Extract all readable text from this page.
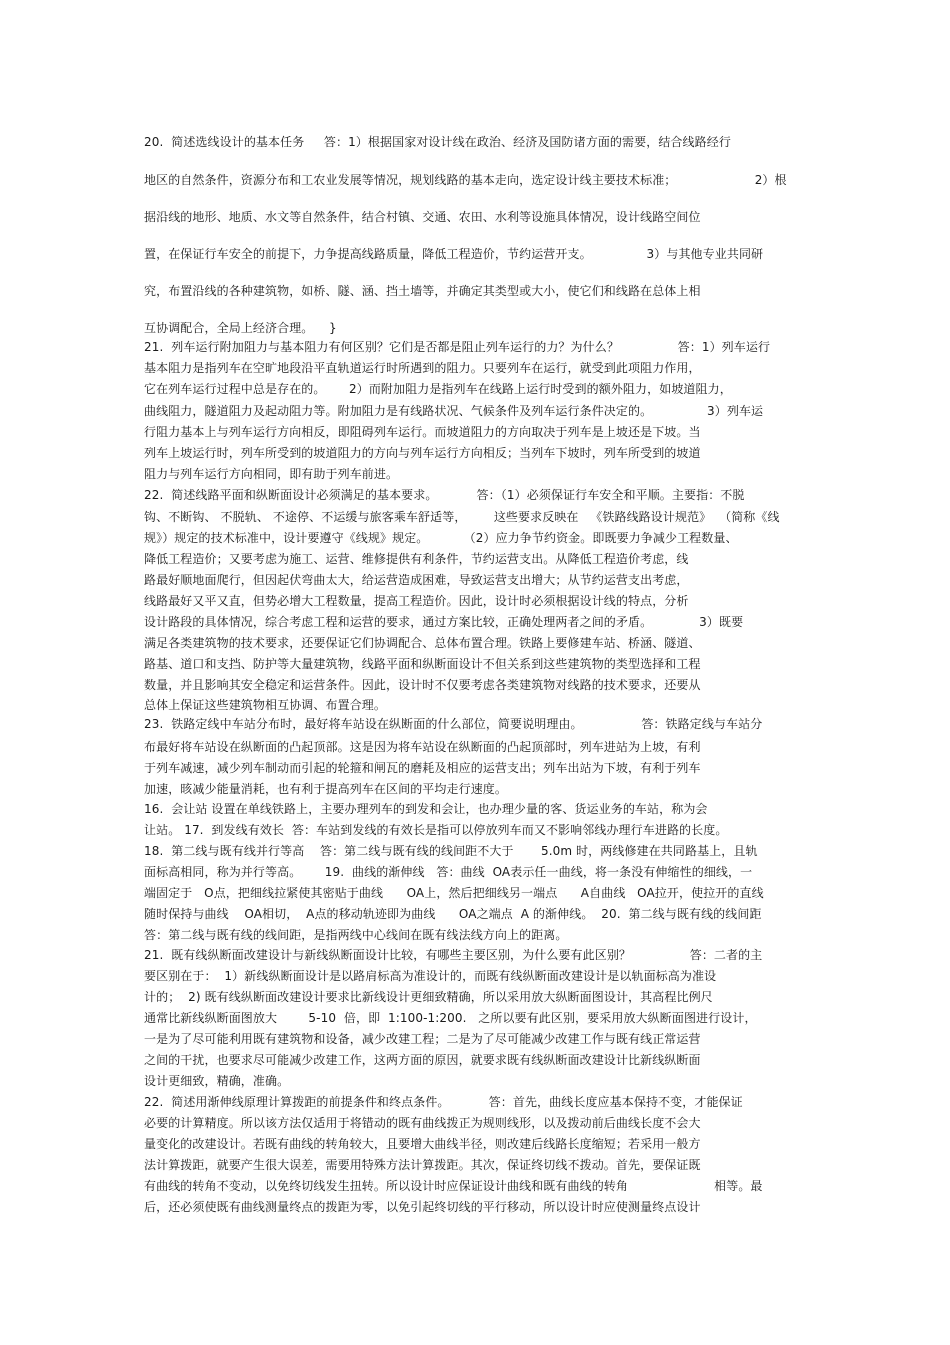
20.  简述选线设计的基本任务     答：1）根据国家对设计线在政治、经济及国防诸方面的需要，结合线路经行
地区的自然条件，资源分布和工农业发展等情况，规划线路的基本走向，选定设计线主要技术标准；                    2）根
据沿线的地形、地质、水文等自然条件，结合村镇、交通、农田、水利等设施具体情况，设计线路空间位
置，在保证行车安全的前提下，力争提高线路质量，降低工程造价，节约运营开支。              3）与其他专业共同研
究，布置沿线的各种建筑物，如桥、隧、涵、挡土墙等，并确定其类型或大小，使它们和线路在总体上相
互协调配合，全局上经济合理。    }
21.  列车运行附加阻力与基本阻力有何区别？它们是否都是阻止列车运行的力？为什么？               答：1）列车运行
基本阻力是指列车在空旷地段沿平直轨道运行时所遇到的阻力。只要列车在运行，就受到此项阻力作用，
它在列车运行过程中总是存在的。      2）而附加阻力是指列车在线路上运行时受到的额外阻力，如坡道阻力，
曲线阻力，隧道阻力及起动阻力等。附加阻力是有线路状况、气候条件及列车运行条件决定的。              3）列车运
行阻力基本上与列车运行方向相反，即阻碍列车运行。而坡道阻力的方向取决于列车是上坡还是下坡。当
列车上坡运行时，列车所受到的坡道阻力的方向与列车运行方向相反；当列车下坡时，列车所受到的坡道
阻力与列车运行方向相同，即有助于列车前进。
22.  简述线路平面和纵断面设计必须满足的基本要求。          答：（1）必须保证行车安全和平顺。主要指：不脱
钩、不断钩、 不脱轨、 不途停、不运缓与旅客乘车舒适等，       这些要求反映在   《铁路线路设计规范》  （简称《线
规》）规定的技术标准中，设计要遵守《线规》规定。         （2）应力争节约资金。即既要力争减少工程数量、
降低工程造价；又要考虑为施工、运营、维修提供有利条件，节约运营支出。从降低工程造价考虑，线
路最好顺地面爬行，但因起伏弯曲太大，给运营造成困难，导致运营支出增大；从节约运营支出考虑，
线路最好又平又直，但势必增大工程数量，提高工程造价。因此，设计时必须根据设计线的特点，分析
设计路段的具体情况，综合考虑工程和运营的要求，通过方案比较，正确处理两者之间的矛盾。            3）既要
满足各类建筑物的技术要求，还要保证它们协调配合、总体布置合理。铁路上要修建车站、桥涵、隧道、
路基、道口和支挡、防护等大量建筑物，线路平面和纵断面设计不但关系到这些建筑物的类型选择和工程
数量，并且影响其安全稳定和运营条件。因此，设计时不仅要考虑各类建筑物对线路的技术要求，还要从
总体上保证这些建筑物相互协调、布置合理。
23.  铁路定线中车站分布时，最好将车站设在纵断面的什么部位，简要说明理由。               答：铁路定线与车站分
布最好将车站设在纵断面的凸起顶部。这是因为将车站设在纵断面的凸起顶部时，列车进站为上坡，有利
于列车减速，减少列车制动而引起的轮箍和闸瓦的磨耗及相应的运营支出；列车出站为下坡，有利于列车
加速，晐减少能量消耗，也有利于提高列车在区间的平均走行速度。
16.  会让站 设置在单线铁路上，主要办理列车的到发和会让，也办理少量的客、货运业务的车站，称为会
让站。 17.  到发线有效长  答：车站到发线的有效长是指可以停放列车而又不影响邻线办理行车进路的长度。
18.  第二线与既有线并行等高    答：第二线与既有线的线间距不大于       5.0m 时，两线修建在共同路基上，且轨
面标高相同，称为并行等高。      19.  曲线的渐伸线   答：曲线  OA表示任一曲线，将一条没有伸缩性的细线，一
端固定于   O点，把细线拉紧使其密贴于曲线      OA上，然后把细线另一端点      A自曲线   OA拉开，使拉开的直线
随时保持与曲线    OA相切，  A点的移动轨迹即为曲线      OA之端点  A 的渐伸线。  20.  第二线与既有线的线间距
答：第二线与既有线的线间距，是指两线中心线间在既有线法线方向上的距离。
21.  既有线纵断面改建设计与新线纵断面设计比较，有哪些主要区别，为什么要有此区别？               答：二者的主
要区别在于：  1）新线纵断面设计是以路肩标高为准设计的，而既有线纵断面改建设计是以轨面标高为准设
计的；  2) 既有线纵断面改建设计要求比新线设计更细致精确，所以采用放大纵断面图设计，其高程比例尺
通常比新线纵断面图放大        5-10  倍，即  1:100-1:200.   之所以要有此区别，要采用放大纵断面图进行设计，
一是为了尽可能利用既有建筑物和设备，减少改建工程；二是为了尽可能减少改建工作与既有线正常运营
之间的干扰，也要求尽可能减少改建工作，这两方面的原因，就要求既有线纵断面改建设计比新线纵断面
设计更细致，精确，准确。
22.  简述用渐伸线原理计算拨距的前提条件和终点条件。          答：首先，曲线长度应基本保持不变，才能保证
必要的计算精度。所以该方法仅适用于将错动的既有曲线拨正为规则线形，以及拨动前后曲线长度不会大
量变化的改建设计。若既有曲线的转角较大，且要增大曲线半径，则改建后线路长度缩短；若采用一般方
法计算拨距，就要产生很大误差，需要用特殊方法计算拨距。其次，保证终切线不拨动。首先，要保证既
有曲线的转角不变动，以免终切线发生扭转。所以设计时应保证设计曲线和既有曲线的转角                      相等。最
后，还必须使既有曲线测量终点的拨距为零，以免引起终切线的平行移动，所以设计时应使测量终点设计
